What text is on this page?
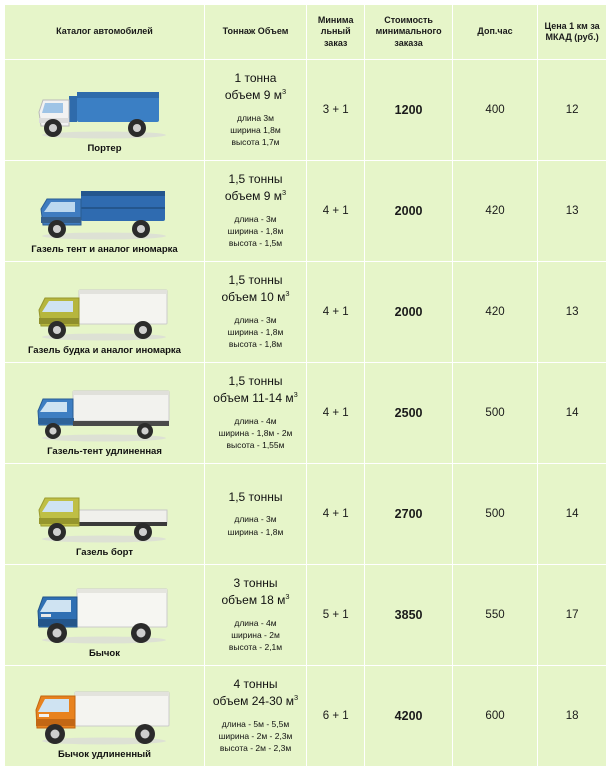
Каталог автомобилей	Тоннаж Объем	Минима льный заказ	Стоимость минимального заказа	Доп.час	Цена 1 км за МКАД (руб.)

Портер	1 тонна
объем 9 $м^3$
длина 3м
ширина 1,8м
высота 1,7м	3 + 1	1200	400	12

Газель тент и аналог иномарка	1,5 тонны
объем 9 $м^3$
длина - 3м
ширина - 1,8м
высота - 1,5м	4 + 1	2000	420	13

Газель будка и аналог иномарка	1,5 тонны
объем 10 $м^3$
длина - 3м
ширина - 1,8м
высота - 1,8м	4 + 1	2000	420	13

Газель-тент удлиненная	1,5 тонны
объем 11-14 $м^3$
длина - 4м
ширина - 1,8м - 2м
высота - 1,55м	4 + 1	2500	500	14

Газель борт	1,5 тонны
длина - 3м
ширина - 1,8м	4 + 1	2700	500	14

Бычок	3 тонны
объем 18 $м^3$
длина - 4м
ширина - 2м
высота - 2,1м	5 + 1	3850	550	17

Бычок удлиненный	4 тонны
объем 24-30 $м^3$
длина - 5м - 5,5м
ширина - 2м - 2,3м
высота - 2м - 2,3м	6 + 1	4200	600	18
